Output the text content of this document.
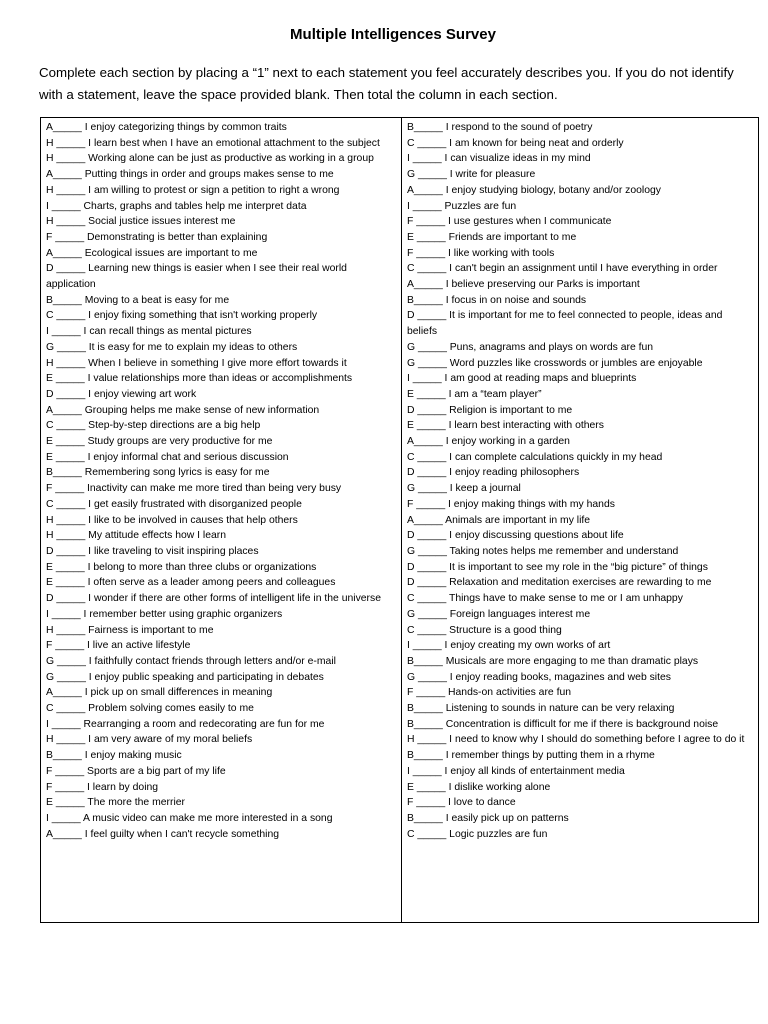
Multiple Intelligences Survey
Complete each section by placing a “1” next to each statement you feel accurately describes you. If you do not identify with a statement, leave the space provided blank. Then total the column in each section.
A_____ I enjoy categorizing things by common traits
H _____ I learn best when I have an emotional attachment to the subject
H _____ Working alone can be just as productive as working in a group
A_____ Putting things in order and groups makes sense to me
H _____ I am willing to protest or sign a petition to right a wrong
I _____ Charts, graphs and tables help me interpret data
H _____ Social justice issues interest me
F _____ Demonstrating is better than explaining
A_____ Ecological issues are important to me
D _____ Learning new things is easier when I see their real world application
B_____ Moving to a beat is easy for me
C _____ I enjoy fixing something that isn't working properly
I _____ I can recall things as mental pictures
G _____ It is easy for me to explain my ideas to others
H _____ When I believe in something I give more effort towards it
E _____ I value relationships more than ideas or accomplishments
D _____ I enjoy viewing art work
A_____ Grouping helps me make sense of new information
C _____ Step-by-step directions are a big help
E _____ Study groups are very productive for me
E _____ I enjoy informal chat and serious discussion
B_____ Remembering song lyrics is easy for me
F _____ Inactivity can make me more tired than being very busy
C _____ I get easily frustrated with disorganized people
H _____ I like to be involved in causes that help others
H _____ My attitude effects how I learn
D _____ I like traveling to visit inspiring places
E _____ I belong to more than three clubs or organizations
E _____ I often serve as a leader among peers and colleagues
D _____ I wonder if there are other forms of intelligent life in the universe
I _____ I remember better using graphic organizers
H _____ Fairness is important to me
F _____ I live an active lifestyle
G _____ I faithfully contact friends through letters and/or e-mail
G _____ I enjoy public speaking and participating in debates
A_____ I pick up on small differences in meaning
C _____ Problem solving comes easily to me
I _____ Rearranging a room and redecorating are fun for me
H _____ I am very aware of my moral beliefs
B_____ I enjoy making music
F _____ Sports are a big part of my life
F _____ I learn by doing
E _____ The more the merrier
I _____ A music video can make me more interested in a song
A_____ I feel guilty when I can't recycle something
B_____ I respond to the sound of poetry
C _____ I am known for being neat and orderly
I _____ I can visualize ideas in my mind
G _____ I write for pleasure
A_____ I enjoy studying biology, botany and/or zoology
I _____ Puzzles are fun
F _____ I use gestures when I communicate
E _____ Friends are important to me
F _____ I like working with tools
C _____ I can't begin an assignment until I have everything in order
A_____ I believe preserving our Parks is important
B_____ I focus in on noise and sounds
D _____ It is important for me to feel connected to people, ideas and beliefs
G _____ Puns, anagrams and plays on words are fun
G _____ Word puzzles like crosswords or jumbles are enjoyable
I _____ I am good at reading maps and blueprints
E _____ I am a “team player”
D _____ Religion is important to me
E _____ I learn best interacting with others
A_____ I enjoy working in a garden
C _____ I can complete calculations quickly in my head
D _____ I enjoy reading philosophers
G _____ I keep a journal
F _____ I enjoy making things with my hands
A_____ Animals are important in my life
D _____ I enjoy discussing questions about life
G _____ Taking notes helps me remember and understand
D _____ It is important to see my role in the “big picture” of things
D _____ Relaxation and meditation exercises are rewarding to me
C _____ Things have to make sense to me or I am unhappy
G _____ Foreign languages interest me
C _____ Structure is a good thing
I _____ I enjoy creating my own works of art
B_____ Musicals are more engaging to me than dramatic plays
G _____ I enjoy reading books, magazines and web sites
F _____ Hands-on activities are fun
B_____ Listening to sounds in nature can be very relaxing
B_____ Concentration is difficult for me if there is background noise
H _____ I need to know why I should do something before I agree to do it
B_____ I remember things by putting them in a rhyme
I _____ I enjoy all kinds of entertainment media
E _____ I dislike working alone
F _____ I love to dance
B_____ I easily pick up on patterns
C _____ Logic puzzles are fun
